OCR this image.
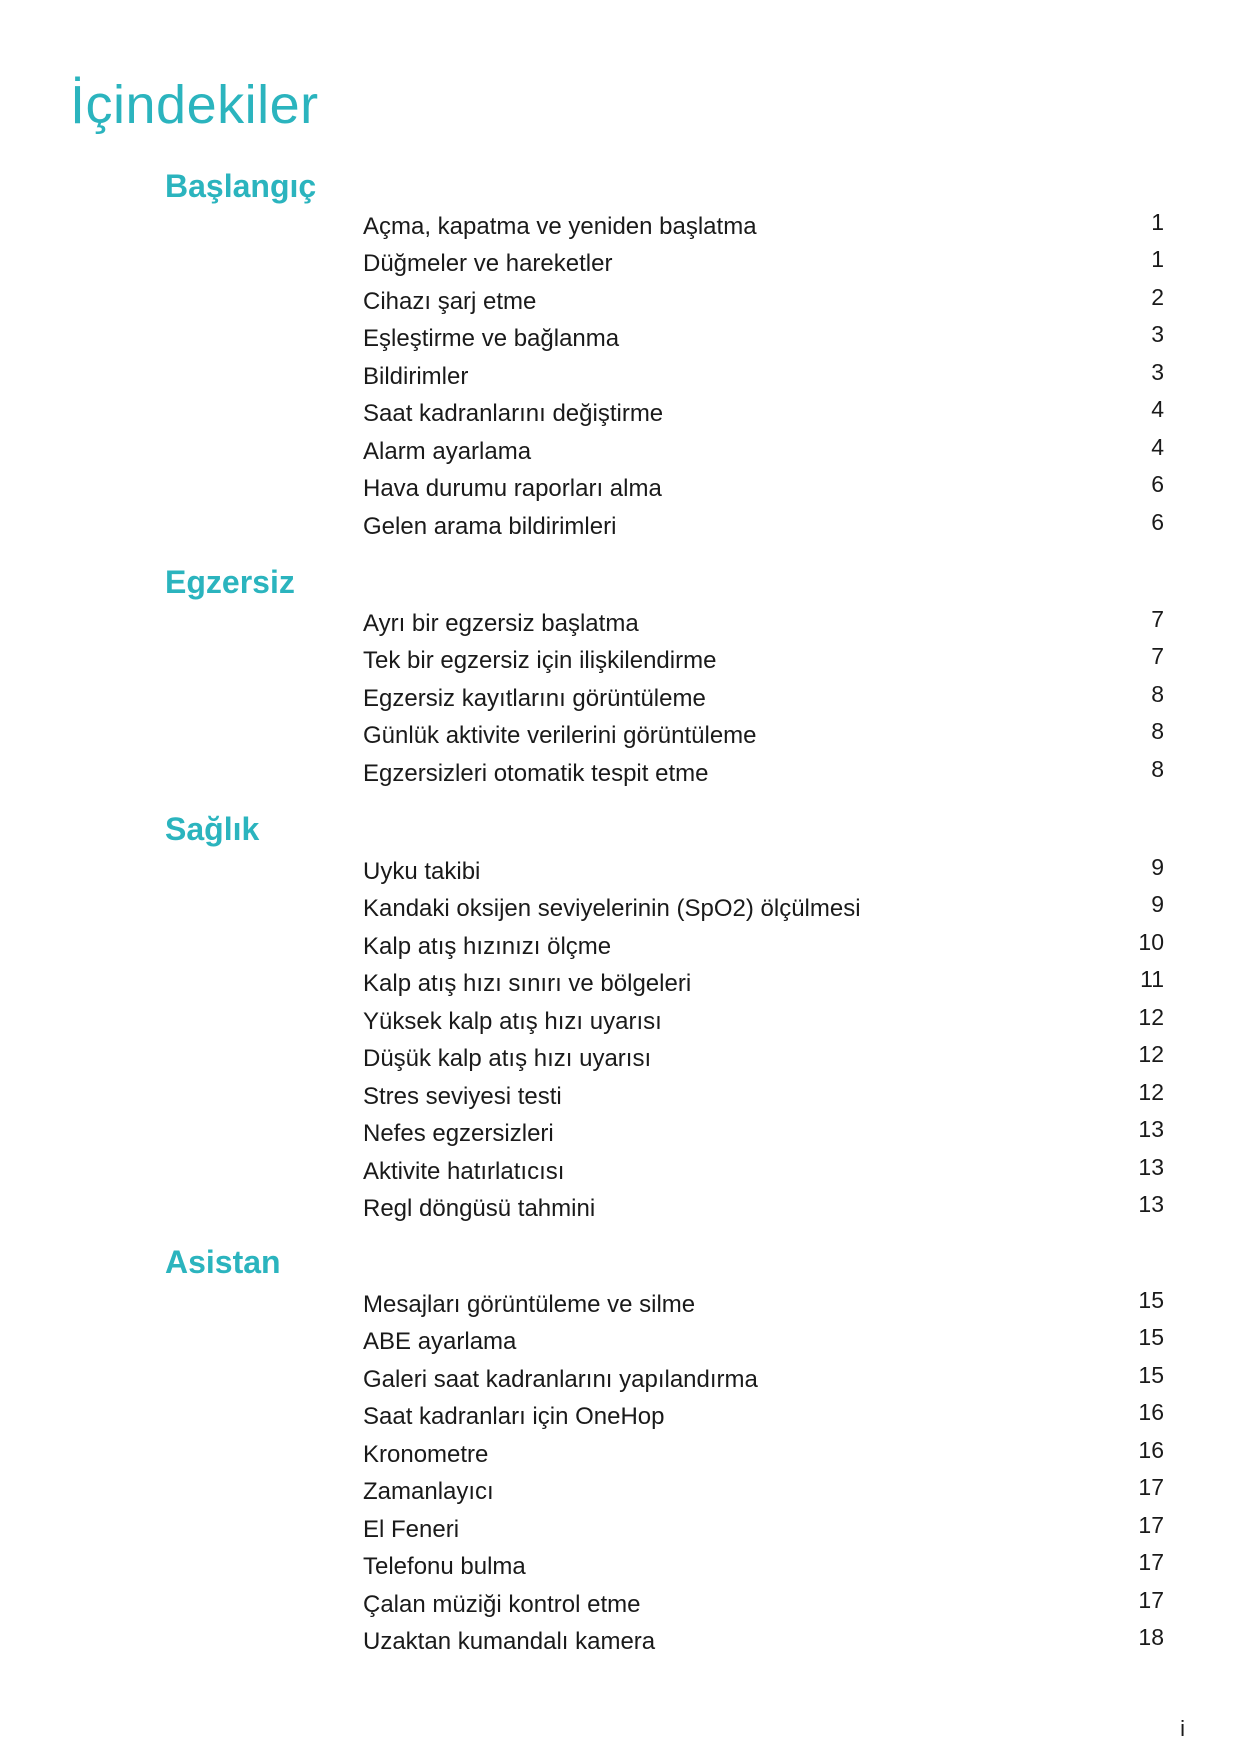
İçindekiler
Başlangıç
Açma, kapatma ve yeniden başlatma	1
Düğmeler ve hareketler	1
Cihazı şarj etme	2
Eşleştirme ve bağlanma	3
Bildirimler	3
Saat kadranlarını değiştirme	4
Alarm ayarlama	4
Hava durumu raporları alma	6
Gelen arama bildirimleri	6
Egzersiz
Ayrı bir egzersiz başlatma	7
Tek bir egzersiz için ilişkilendirme	7
Egzersiz kayıtlarını görüntüleme	8
Günlük aktivite verilerini görüntüleme	8
Egzersizleri otomatik tespit etme	8
Sağlık
Uyku takibi	9
Kandaki oksijen seviyelerinin (SpO2) ölçülmesi	9
Kalp atış hızınızı ölçme	10
Kalp atış hızı sınırı ve bölgeleri	11
Yüksek kalp atış hızı uyarısı	12
Düşük kalp atış hızı uyarısı	12
Stres seviyesi testi	12
Nefes egzersizleri	13
Aktivite hatırlatıcısı	13
Regl döngüsü tahmini	13
Asistan
Mesajları görüntüleme ve silme	15
ABE ayarlama	15
Galeri saat kadranlarını yapılandırma	15
Saat kadranları için OneHop	16
Kronometre	16
Zamanlayıcı	17
El Feneri	17
Telefonu bulma	17
Çalan müziği kontrol etme	17
Uzaktan kumandalı kamera	18
i
